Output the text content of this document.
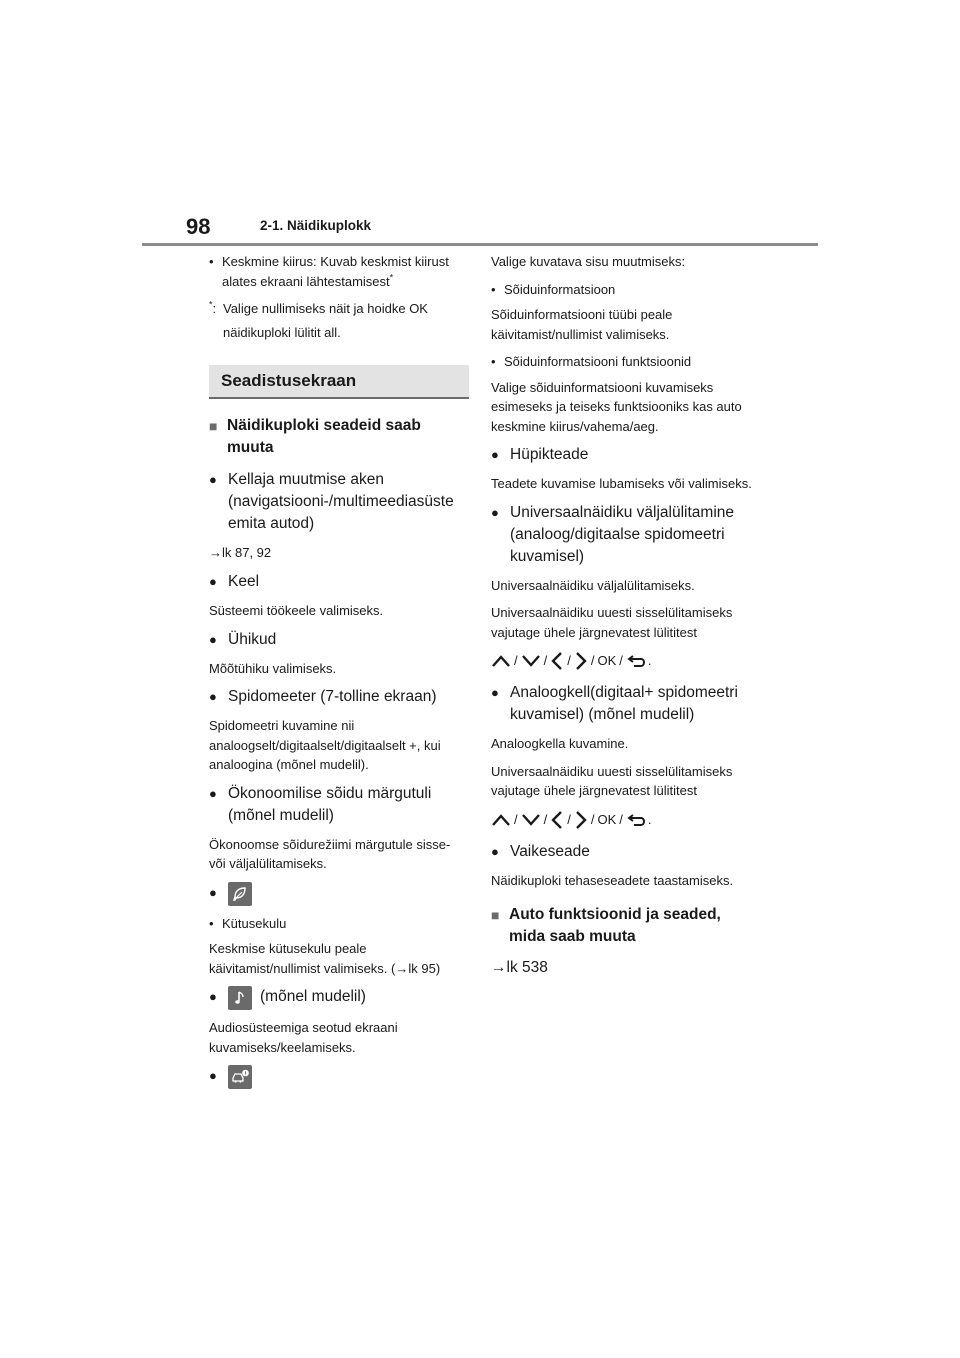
98	2-1. Näidikuplokk
• Keskmine kiirus: Kuvab keskmist kiirust alates ekraani lähtestamisest*
*: Valige nullimiseks näit ja hoidke OK näidikuploki lülitit all.
Seadistusekraan
■ Näidikuploki seadeid saab muuta
● Kellaja muutmise aken (navigatsiooni-/multimeediasüste emita autod)
→lk 87, 92
● Keel

Süsteemi töökeele valimiseks.

● Ühikud

Mõõtühiku valimiseks.

● Spidomeeter (7-tolline ekraan)

Spidomeetri kuvamine nii analoogselt/digitaalselt/digitaalselt +, kui analoogina (mõnel mudelil).

● Ökonoomilise sõidu märgutuli (mõnel mudelil)

Ökonoomse sõidurežiimi märgutule sisse- või väljalülitamiseks.

●
• Kütusekulu

Keskmise kütusekulu peale käivitamist/nullimist valimiseks. (→lk 95)

●	(mõnel mudelil)

Audiosüsteemiga seotud ekraani kuvamiseks/keelamiseks.

●

Valige kuvatava sisu muutmiseks:

• Sõiduinformatsioon

Sõiduinformatsiooni tüübi peale käivitamist/nullimist valimiseks.

• Sõiduinformatsiooni funktsioonid

Valige sõiduinformatsiooni kuvamiseks esimeseks ja teiseks funktsiooniks kas auto keskmine kiirus/vahema/aeg.

● Hüpikteade

Teadete kuvamise lubamiseks või valimiseks.

● Universaalnäidiku väljalülitamine (analoog/digitaalse spidomeetri kuvamisel)

Universaalnäidiku väljalülitamiseks.

Universaalnäidiku uuesti sisselülitamiseks vajutage ühele järgnevatest lülititest

/ / / / OK / .
● Analoogkell(digitaal+ spidomeetri kuvamisel) (mõnel mudelil)

Analoogkella kuvamine.

Universaalnäidiku uuesti sisselülitamiseks vajutage ühele järgnevatest lülititest

/ / / / OK / .
● Vaikeseade

Näidikuploki tehaseseadete taastamiseks.

■ Auto funktsioonid ja seaded, mida saab muuta
→lk 538
